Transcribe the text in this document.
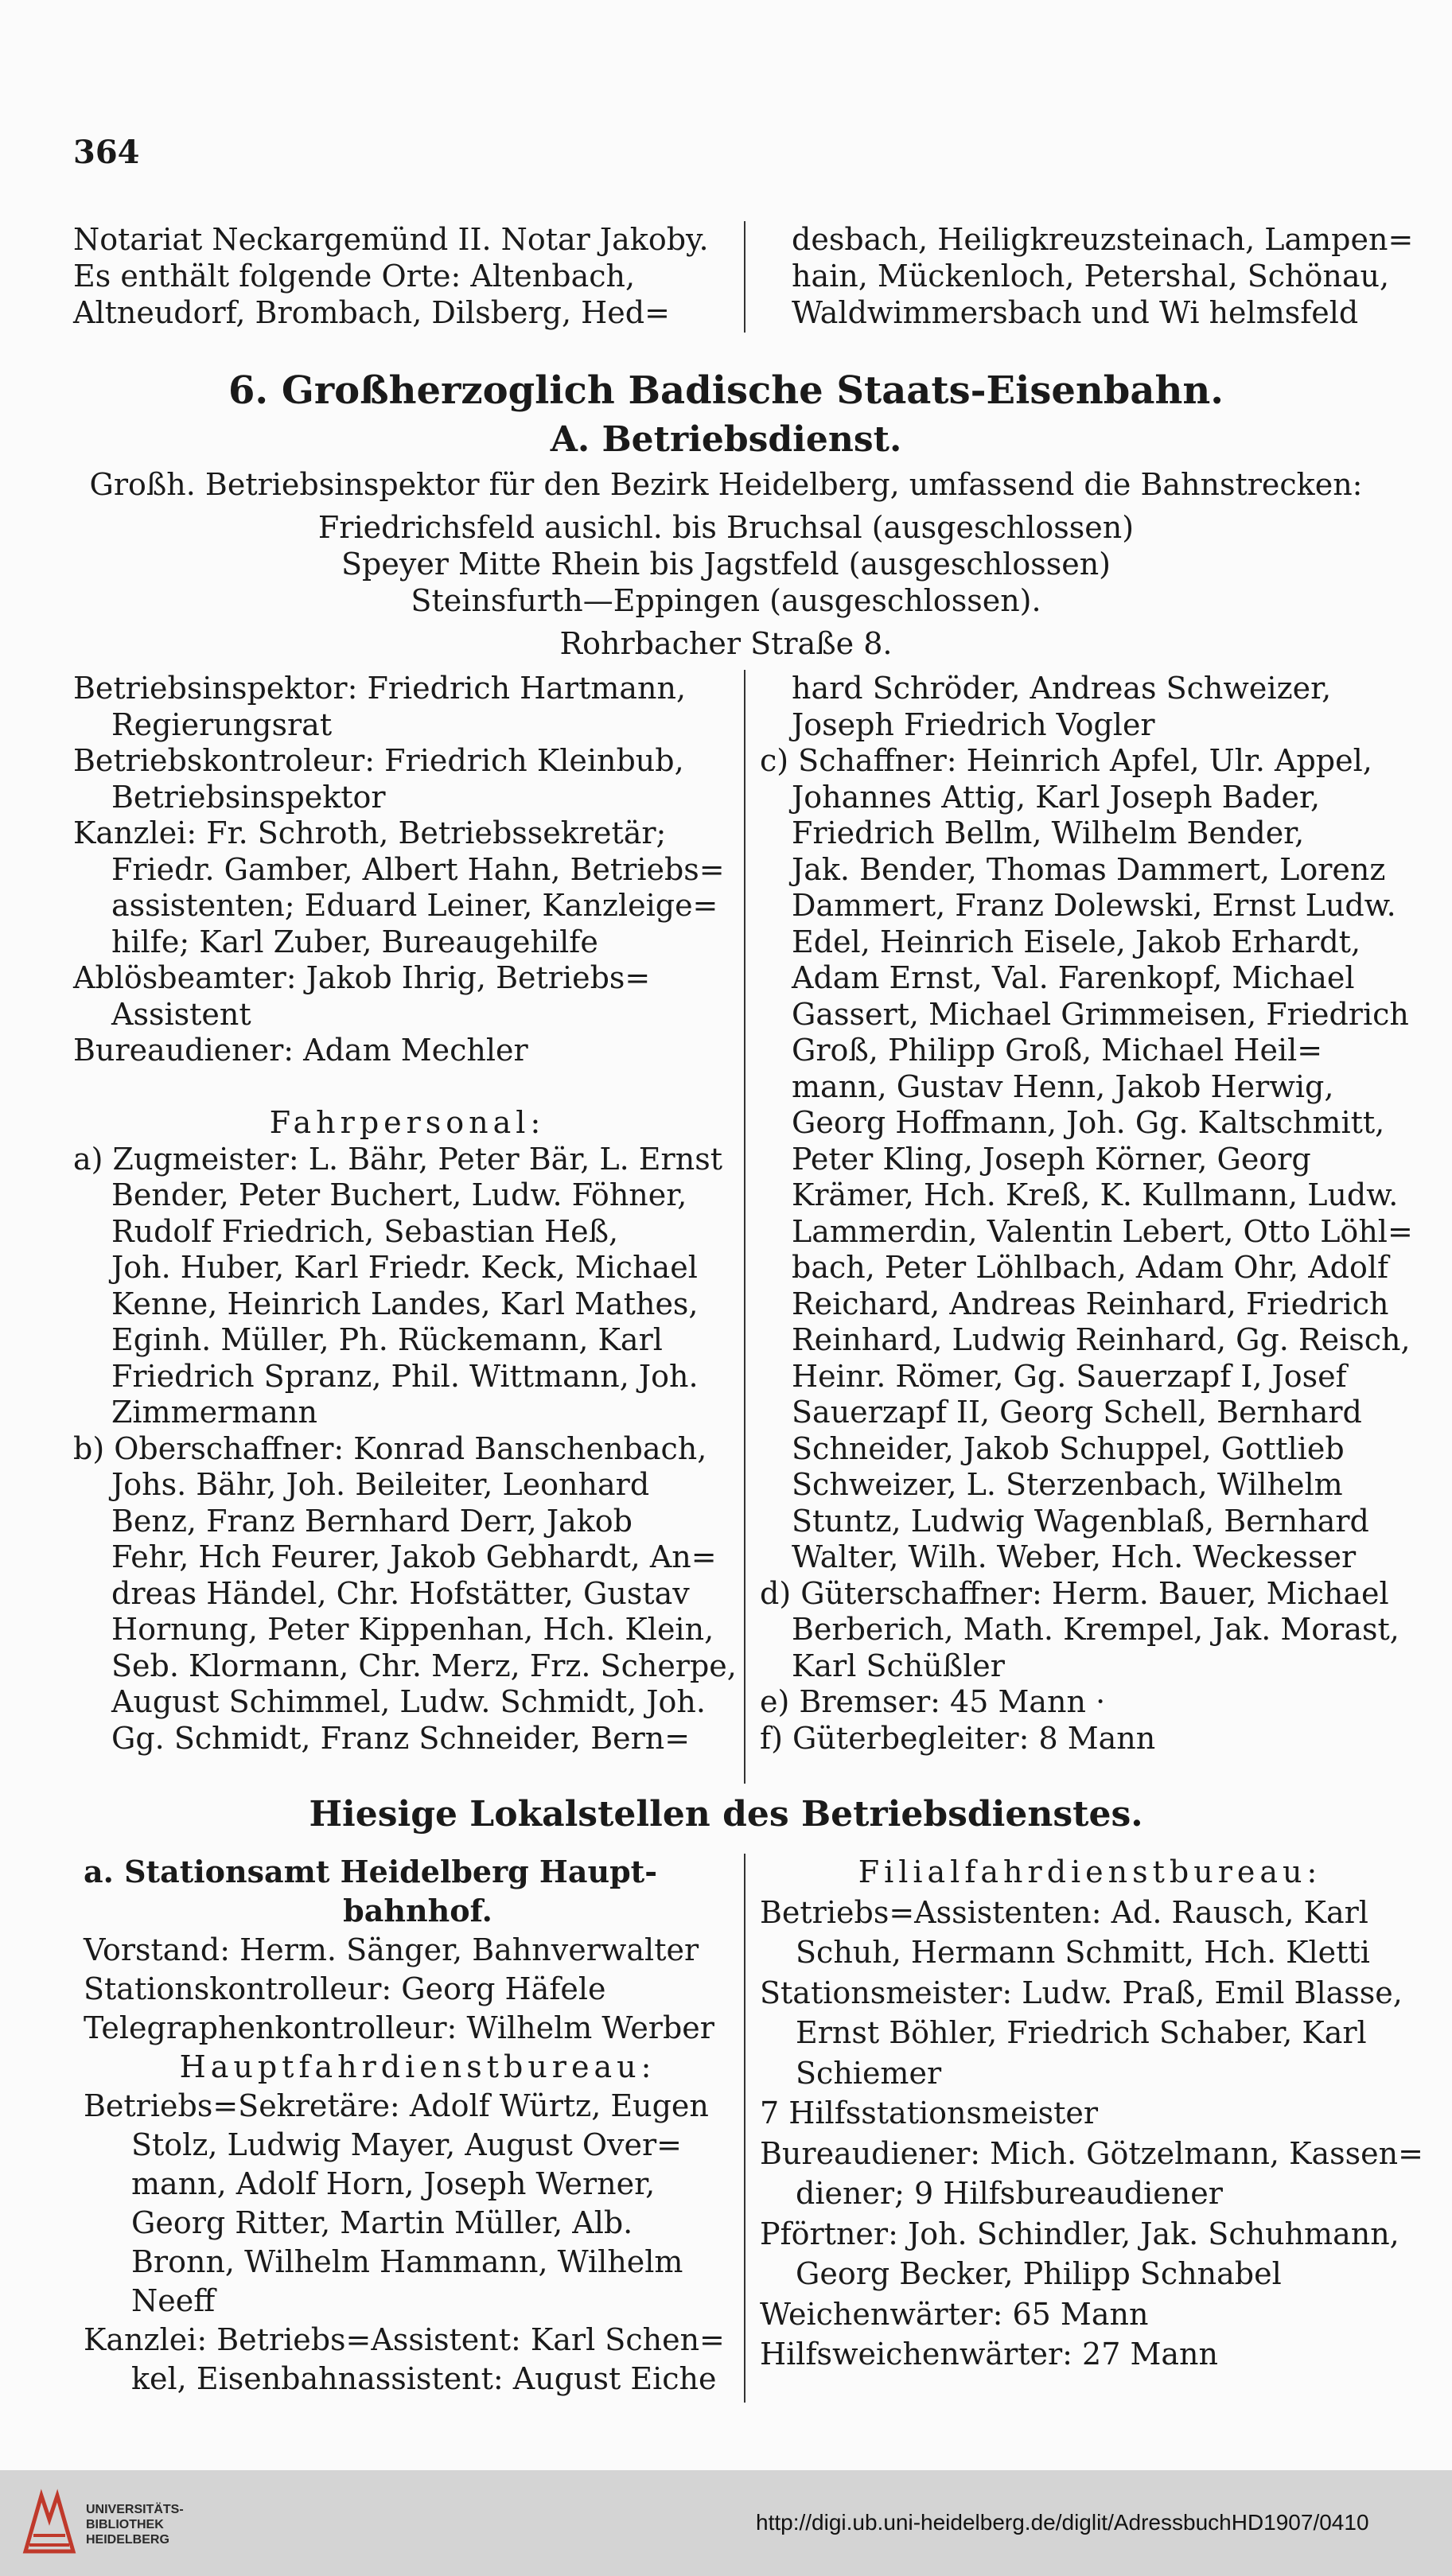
364
Notariat Neckargemünd II. Notar Jakoby.
Es enthält folgende Orte: Altenbach,
Altneudorf, Brombach, Dilsberg, Hed=
desbach, Heiligkreuzsteinach, Lampen=
hain, Mückenloch, Petershal, Schönau,
Waldwimmersbach und Wi helmsfeld
6. Großherzoglich Badische Staats-Eisenbahn.
A. Betriebsdienst.
Großh. Betriebsinspektor für den Bezirk Heidelberg, umfassend die Bahnstrecken:
Friedrichsfeld ausichl. bis Bruchsal (ausgeschlossen)
Speyer Mitte Rhein bis Jagstfeld (ausgeschlossen)
Steinsfurth—Eppingen (ausgeschlossen).
Rohrbacher Straße 8.
Betriebsinspektor: Friedrich Hartmann,
Regierungsrat
Betriebskontroleur: Friedrich Kleinbub,
Betriebsinspektor
Kanzlei: Fr. Schroth, Betriebssekretär;
Friedr. Gamber, Albert Hahn, Betriebs=
assistenten; Eduard Leiner, Kanzleige=
hilfe; Karl Zuber, Bureaugehilfe
Ablösbeamter: Jakob Ihrig, Betriebs=
Assistent
Bureaudiener: Adam Mechler
Fahrpersonal:
a) Zugmeister: L. Bähr, Peter Bär, L. Ernst
Bender, Peter Buchert, Ludw. Föhner,
Rudolf Friedrich, Sebastian Heß,
Joh. Huber, Karl Friedr. Keck, Michael
Kenne, Heinrich Landes, Karl Mathes,
Eginh. Müller, Ph. Rückemann, Karl
Friedrich Spranz, Phil. Wittmann, Joh.
Zimmermann
b) Oberschaffner: Konrad Banschenbach,
Johs. Bähr, Joh. Beileiter, Leonhard
Benz, Franz Bernhard Derr, Jakob
Fehr, Hch Feurer, Jakob Gebhardt, An=
dreas Händel, Chr. Hofstätter, Gustav
Hornung, Peter Kippenhan, Hch. Klein,
Seb. Klormann, Chr. Merz, Frz. Scherpe,
August Schimmel, Ludw. Schmidt, Joh.
Gg. Schmidt, Franz Schneider, Bern=
hard Schröder, Andreas Schweizer,
Joseph Friedrich Vogler
c) Schaffner: Heinrich Apfel, Ulr. Appel,
Johannes Attig, Karl Joseph Bader,
Friedrich Bellm, Wilhelm Bender,
Jak. Bender, Thomas Dammert, Lorenz
Dammert, Franz Dolewski, Ernst Ludw.
Edel, Heinrich Eisele, Jakob Erhardt,
Adam Ernst, Val. Farenkopf, Michael
Gassert, Michael Grimmeisen, Friedrich
Groß, Philipp Groß, Michael Heil=
mann, Gustav Henn, Jakob Herwig,
Georg Hoffmann, Joh. Gg. Kaltschmitt,
Peter Kling, Joseph Körner, Georg
Krämer, Hch. Kreß, K. Kullmann, Ludw.
Lammerdin, Valentin Lebert, Otto Löhl=
bach, Peter Löhlbach, Adam Ohr, Adolf
Reichard, Andreas Reinhard, Friedrich
Reinhard, Ludwig Reinhard, Gg. Reisch,
Heinr. Römer, Gg. Sauerzapf I, Josef
Sauerzapf II, Georg Schell, Bernhard
Schneider, Jakob Schuppel, Gottlieb
Schweizer, L. Sterzenbach, Wilhelm
Stuntz, Ludwig Wagenblaß, Bernhard
Walter, Wilh. Weber, Hch. Weckesser
d) Güterschaffner: Herm. Bauer, Michael
Berberich, Math. Krempel, Jak. Morast,
Karl Schüßler
e) Bremser: 45 Mann ·
f) Güterbegleiter: 8 Mann
Hiesige Lokalstellen des Betriebsdienstes.
a. Stationsamt Heidelberg Haupt-
bahnhof.
Vorstand: Herm. Sänger, Bahnverwalter
Stationskontrolleur: Georg Häfele
Telegraphenkontrolleur: Wilhelm Werber
Hauptfahrdienstbureau:
Betriebs=Sekretäre: Adolf Würtz, Eugen
Stolz, Ludwig Mayer, August Over=
mann, Adolf Horn, Joseph Werner,
Georg Ritter, Martin Müller, Alb.
Bronn, Wilhelm Hammann, Wilhelm
Neeff
Kanzlei: Betriebs=Assistent: Karl Schen=
kel, Eisenbahnassistent: August Eiche
Filialfahrdienstbureau:
Betriebs=Assistenten: Ad. Rausch, Karl
Schuh, Hermann Schmitt, Hch. Kletti
Stationsmeister: Ludw. Praß, Emil Blasse,
Ernst Böhler, Friedrich Schaber, Karl
Schiemer
7 Hilfsstationsmeister
Bureaudiener: Mich. Götzelmann, Kassen=
diener; 9 Hilfsbureaudiener
Pförtner: Joh. Schindler, Jak. Schuhmann,
Georg Becker, Philipp Schnabel
Weichenwärter: 65 Mann
Hilfsweichenwärter: 27 Mann
UNIVERSITÄTS-
BIBLIOTHEK
HEIDELBERG
http://digi.ub.uni-heidelberg.de/diglit/AdressbuchHD1907/0410
